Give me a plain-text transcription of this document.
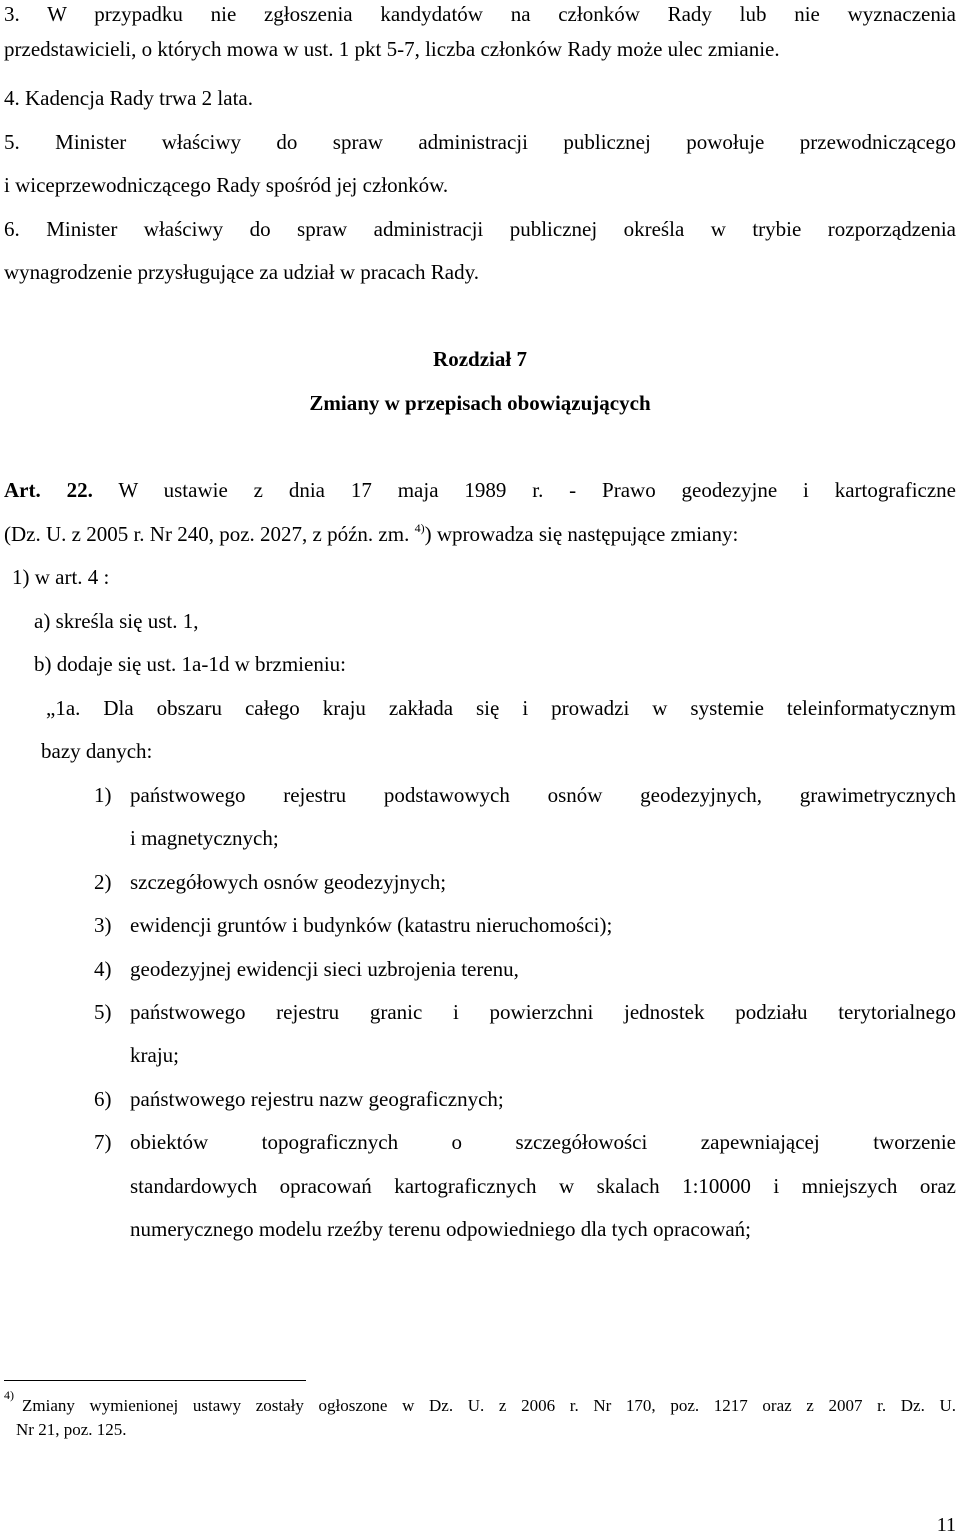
3. W przypadku nie zgłoszenia kandydatów na członków Rady lub nie wyznaczenia
przedstawicieli, o których mowa w ust. 1 pkt 5-7, liczba członków Rady może ulec zmianie.
4. Kadencja Rady trwa 2 lata.
5. Minister właściwy do spraw administracji publicznej powołuje przewodniczącego
i wiceprzewodniczącego Rady spośród jej członków.
6. Minister właściwy do spraw administracji publicznej określa w trybie rozporządzenia
wynagrodzenie przysługujące za udział w pracach Rady.
Rozdział 7
Zmiany w przepisach obowiązujących
Art. 22. W ustawie z dnia 17 maja 1989 r. - Prawo geodezyjne i kartograficzne
(Dz. U. z 2005 r. Nr 240, poz. 2027, z późn. zm. $^{4)}$) wprowadza się następujące zmiany:
1) w art. 4 :
a) skreśla się ust. 1,
b) dodaje się ust. 1a-1d w brzmieniu:
„1a. Dla obszaru całego kraju zakłada się i prowadzi w systemie teleinformatycznym
bazy danych:
1) państwowego rejestru podstawowych osnów geodezyjnych, grawimetrycznych
i magnetycznych;
2) szczegółowych osnów geodezyjnych;
3) ewidencji gruntów i budynków (katastru nieruchomości);
4) geodezyjnej ewidencji sieci uzbrojenia terenu,
5) państwowego rejestru granic i powierzchni jednostek podziału terytorialnego
kraju;
6) państwowego rejestru nazw geograficznych;
7) obiektów topograficznych o szczegółowości zapewniającej tworzenie
standardowych opracowań kartograficznych w skalach 1:10000 i mniejszych oraz
numerycznego modelu rzeźby terenu odpowiedniego dla tych opracowań;
$^{4)}$
Zmiany wymienionej ustawy zostały ogłoszone w Dz. U. z 2006 r. Nr 170, poz. 1217 oraz z 2007 r. Dz. U.
Nr 21, poz. 125.
11
